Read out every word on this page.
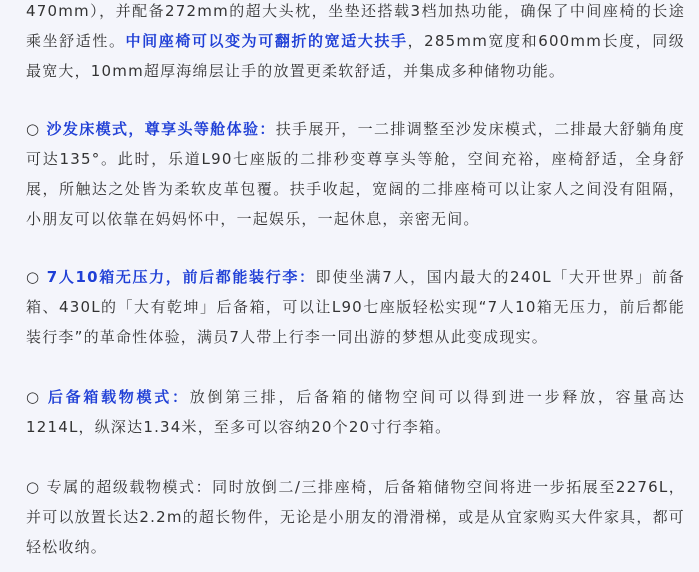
470mm），并配备272mm的超大头枕，坐垫还搭载3档加热功能，确保了中间座椅的长途乘坐舒适性。中间座椅可以变为可翻折的宽适大扶手，285mm宽度和600mm长度，同级最宽大，10mm超厚海绵层让手的放置更柔软舒适，并集成多种储物功能。

○ 沙发床模式，尊享头等舱体验：扶手展开，一二排调整至沙发床模式，二排最大舒躺角度可达135°。此时，乐道L90七座版的二排秒变尊享头等舱，空间充裕，座椅舒适，全身舒展，所触达之处皆为柔软皮革包覆。扶手收起，宽阔的二排座椅可以让家人之间没有阻隔，小朋友可以依靠在妈妈怀中，一起娱乐，一起休息，亲密无间。

○ 7人10箱无压力，前后都能装行李：即使坐满7人，国内最大的240L「大开世界」前备箱、430L的「大有乾坤」后备箱，可以让L90七座版轻松实现“7人10箱无压力，前后都能装行李”的革命性体验，满员7人带上行李一同出游的梦想从此变成现实。

○ 后备箱载物模式：放倒第三排，后备箱的储物空间可以得到进一步释放，容量高达1214L，纵深达1.34米，至多可以容纳20个20寸行李箱。

○ 专属的超级载物模式：同时放倒二/三排座椅，后备箱储物空间将进一步拓展至2276L，并可以放置长达2.2m的超长物件，无论是小朋友的滑滑梯，或是从宜家购买大件家具，都可轻松收纳。
